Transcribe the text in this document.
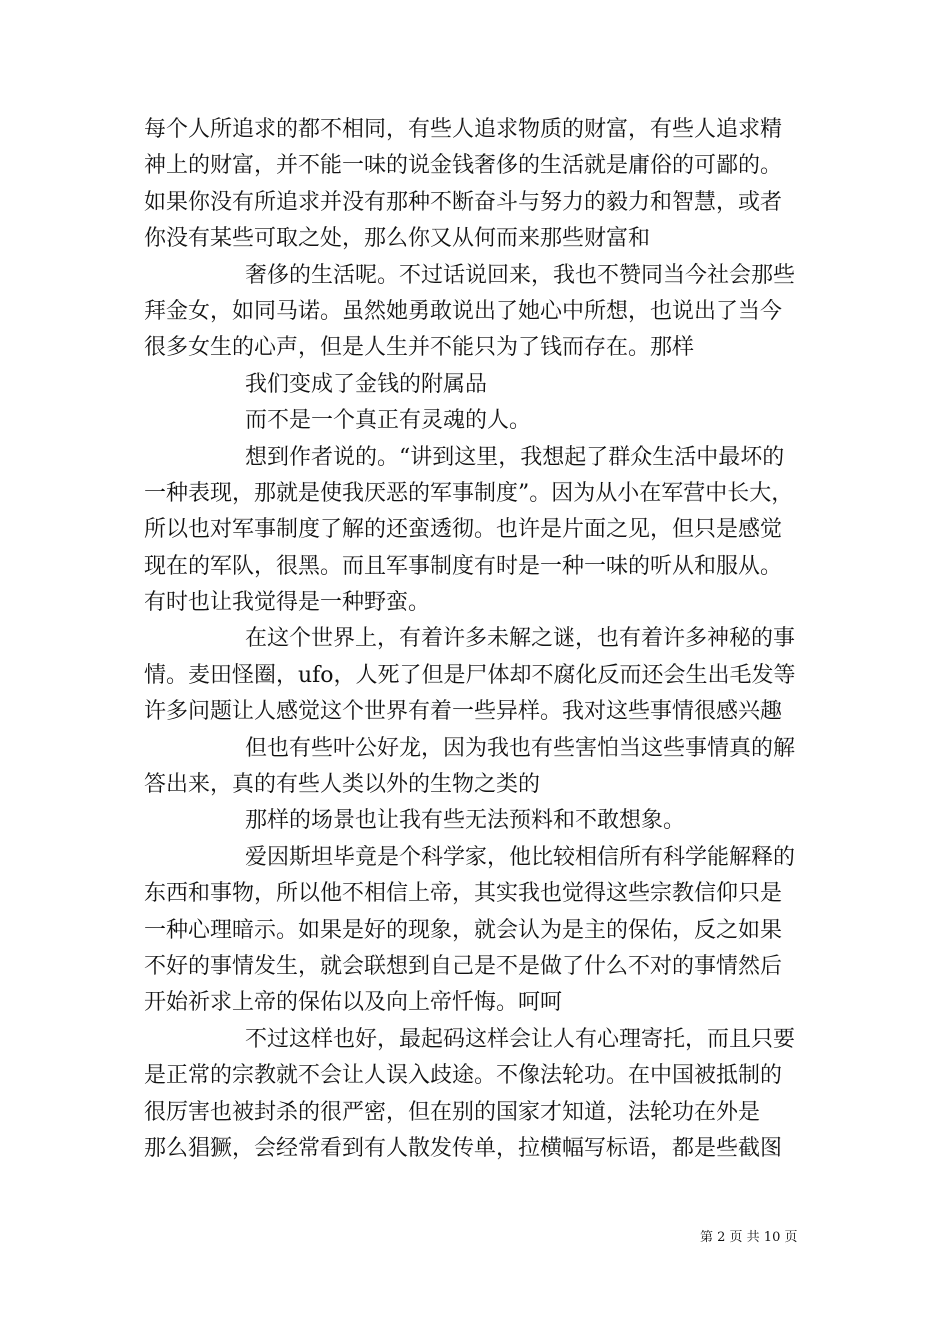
每个人所追求的都不相同，有些人追求物质的财富，有些人追求精
神上的财富，并不能一味的说金钱奢侈的生活就是庸俗的可鄙的。
如果你没有所追求并没有那种不断奋斗与努力的毅力和智慧，或者
你没有某些可取之处，那么你又从何而来那些财富和
奢侈的生活呢。不过话说回来，我也不赞同当今社会那些
拜金女，如同马诺。虽然她勇敢说出了她心中所想，也说出了当今
很多女生的心声，但是人生并不能只为了钱而存在。那样
我们变成了金钱的附属品
而不是一个真正有灵魂的人。
想到作者说的。“讲到这里，我想起了群众生活中最坏的
一种表现，那就是使我厌恶的军事制度”。因为从小在军营中长大，
所以也对军事制度了解的还蛮透彻。也许是片面之见，但只是感觉
现在的军队，很黑。而且军事制度有时是一种一味的听从和服从。
有时也让我觉得是一种野蛮。
在这个世界上，有着许多未解之谜，也有着许多神秘的事
情。麦田怪圈，ufo，人死了但是尸体却不腐化反而还会生出毛发等
许多问题让人感觉这个世界有着一些异样。我对这些事情很感兴趣
但也有些叶公好龙，因为我也有些害怕当这些事情真的解
答出来，真的有些人类以外的生物之类的
那样的场景也让我有些无法预料和不敢想象。
爱因斯坦毕竟是个科学家，他比较相信所有科学能解释的
东西和事物，所以他不相信上帝，其实我也觉得这些宗教信仰只是
一种心理暗示。如果是好的现象，就会认为是主的保佑，反之如果
不好的事情发生，就会联想到自己是不是做了什么不对的事情然后
开始祈求上帝的保佑以及向上帝忏悔。呵呵
不过这样也好，最起码这样会让人有心理寄托，而且只要
是正常的宗教就不会让人误入歧途。不像法轮功。在中国被抵制的
很厉害也被封杀的很严密，但在别的国家才知道，法轮功在外是
那么猖獗，会经常看到有人散发传单，拉横幅写标语，都是些截图
第 2 页 共 10 页
